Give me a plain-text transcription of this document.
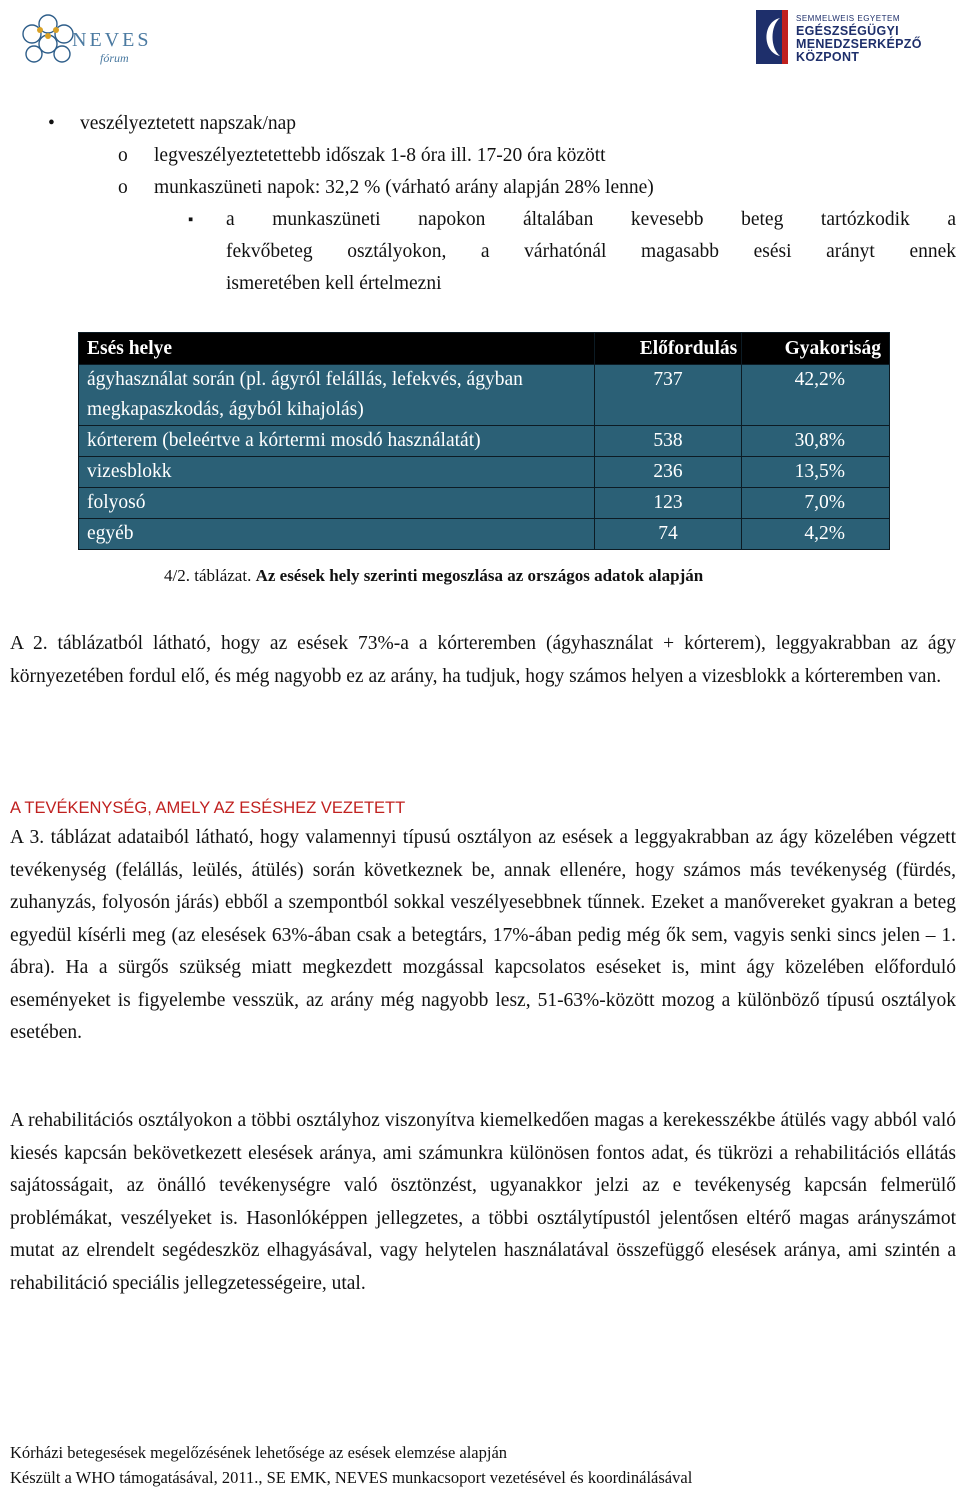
NEVES
fórum
SEMMELWEIS EGYETEM
EGÉSZSÉGÜGYI
MENEDZSERKÉPZŐ
KÖZPONT
• veszélyeztetett napszak/nap
o legveszélyeztetettebb időszak 1-8 óra ill. 17-20 óra között
o munkaszüneti napok: 32,2 % (várható arány alapján 28% lenne)
▪ a munkaszüneti napokon általában kevesebb beteg tartózkodik a
fekvőbeteg osztályokon, a várhatónál magasabb esési arányt ennek
ismeretében kell értelmezni
Esés helye	Előfordulás	Gyakoriság
ágyhasználat során (pl. ágyról felállás, lefekvés, ágyban megkapaszkodás, ágyból kihajolás)	737	42,2%
kórterem (beleértve a kórtermi mosdó használatát)	538	30,8%
vizesblokk	236	13,5%
folyosó	123	7,0%
egyéb	74	4,2%
4/2. táblázat. Az esések hely szerinti megoszlása az országos adatok alapján

A 2. táblázatból látható, hogy az esések 73%-a a kórteremben (ágyhasználat + kórterem), leggyakrabban az ágy környezetében fordul elő, és még nagyobb ez az arány, ha tudjuk, hogy számos helyen a vizesblokk a kórteremben van.

A TEVÉKENYSÉG, AMELY AZ ESÉSHEZ VEZETETT

A 3. táblázat adataiból látható, hogy valamennyi típusú osztályon az esések a leggyakrabban az ágy közelében végzett tevékenység (felállás, leülés, átülés) során következnek be, annak ellenére, hogy számos más tevékenység (fürdés, zuhanyzás, folyosón járás) ebből a szempontból sokkal veszélyesebbnek tűnnek. Ezeket a manővereket gyakran a beteg egyedül kísérli meg (az elesések 63%-ában csak a betegtárs, 17%-ában pedig még ők sem, vagyis senki sincs jelen – 1. ábra). Ha a sürgős szükség miatt megkezdett mozgással kapcsolatos eséseket is, mint ágy közelében előforduló eseményeket is figyelembe vesszük, az arány még nagyobb lesz, 51-63%-között mozog a különböző típusú osztályok esetében.

A rehabilitációs osztályokon a többi osztályhoz viszonyítva kiemelkedően magas a kerekesszékbe átülés vagy abból való kiesés kapcsán bekövetkezett elesések aránya, ami számunkra különösen fontos adat, és tükrözi a rehabilitációs ellátás sajátosságait, az önálló tevékenységre való ösztönzést, ugyanakkor jelzi az e tevékenység kapcsán felmerülő problémákat, veszélyeket is. Hasonlóképpen jellegzetes, a többi osztálytípustól jelentősen eltérő magas arányszámot mutat az elrendelt segédeszköz elhagyásával, vagy helytelen használatával összefüggő elesések aránya, ami szintén a rehabilitáció speciális jellegzetességeire, utal.

Kórházi betegesések megelőzésének lehetősége az esések elemzése alapján
Készült a WHO támogatásával, 2011., SE EMK, NEVES munkacsoport vezetésével és koordinálásával
